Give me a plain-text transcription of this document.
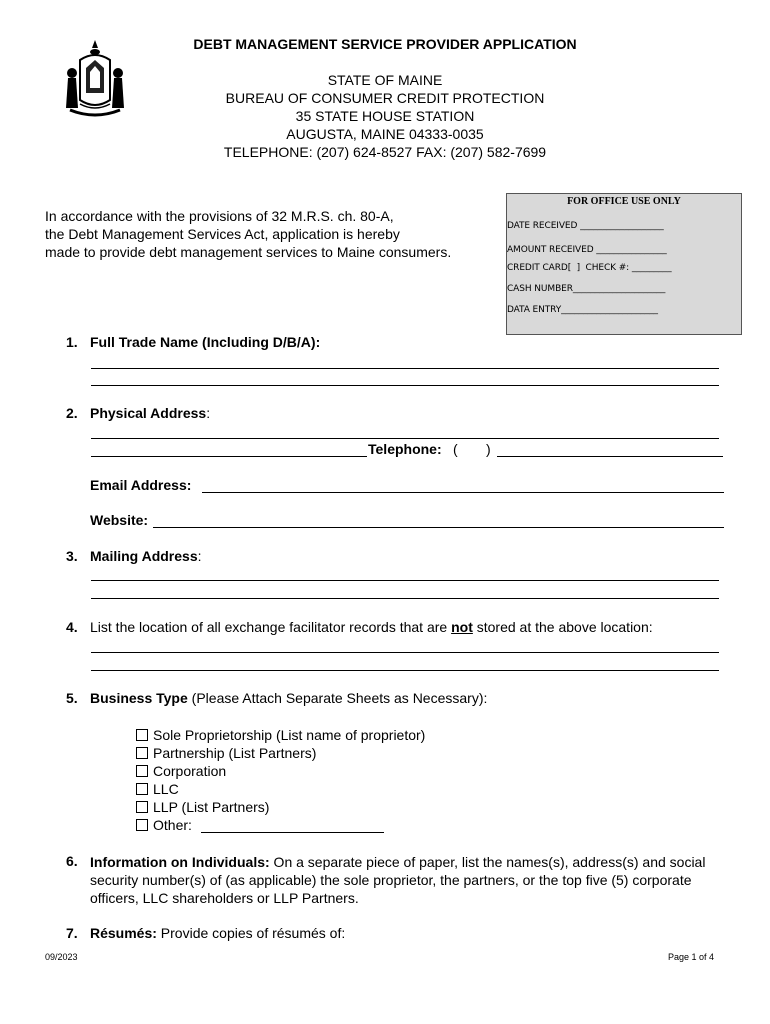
DEBT MANAGEMENT SERVICE PROVIDER APPLICATION
STATE OF MAINE
BUREAU OF CONSUMER CREDIT PROTECTION
35 STATE HOUSE STATION
AUGUSTA, MAINE 04333-0035
TELEPHONE: (207) 624-8527 FAX: (207) 582-7699
In accordance with the provisions of 32 M.R.S. ch. 80-A,
the Debt Management Services Act, application is hereby
made to provide debt management services to Maine consumers.
FOR OFFICE USE ONLY
DATE RECEIVED ___________________
AMOUNT RECEIVED ________________
CREDIT CARD[  ]  CHECK #: _________
CASH NUMBER_____________________
DATA ENTRY______________________
1. Full Trade Name (Including D/B/A):
2. Physical Address:
Telephone: ( )
Email Address:
Website:
3. Mailing Address:
4. List the location of all exchange facilitator records that are not stored at the above location:
5. Business Type (Please Attach Separate Sheets as Necessary):
Sole Proprietorship (List name of proprietor)
Partnership (List Partners)
Corporation
LLC
LLP (List Partners)
Other:
6. Information on Individuals: On a separate piece of paper, list the names(s), address(s) and social security number(s) of (as applicable) the sole proprietor, the partners, or the top five (5) corporate officers, LLC shareholders or LLP Partners.
7. Résumés: Provide copies of résumés of:
09/2023	Page 1 of 4
